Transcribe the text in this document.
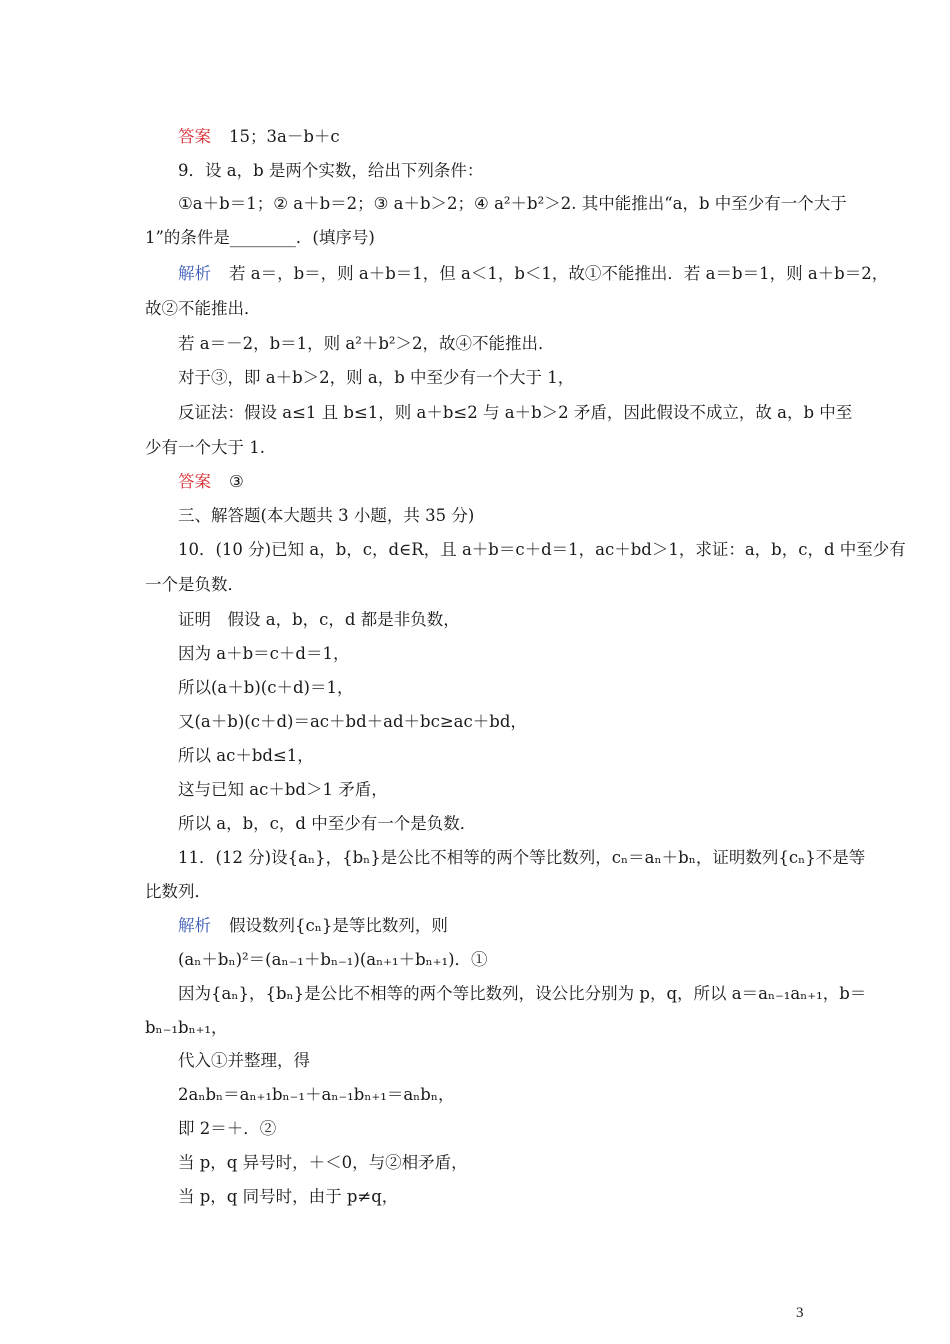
答案 15；3a－b＋c
9．设 a，b 是两个实数，给出下列条件：
①a＋b＝1；② a＋b＝2；③ a＋b＞2；④ a²＋b²＞2. 其中能推出“a，b 中至少有一个大于
1”的条件是________．(填序号)
解析 若 a＝，b＝，则 a＋b＝1，但 a＜1，b＜1，故①不能推出．若 a＝b＝1，则 a＋b＝2，
故②不能推出．
若 a＝－2，b＝1，则 a²＋b²＞2，故④不能推出．
对于③，即 a＋b＞2，则 a，b 中至少有一个大于 1，
反证法：假设 a≤1 且 b≤1，则 a＋b≤2 与 a＋b＞2 矛盾，因此假设不成立，故 a，b 中至
少有一个大于 1.
答案 ③
三、解答题(本大题共 3 小题，共 35 分)
10．(10 分)已知 a，b，c，d∈R，且 a＋b＝c＋d＝1，ac＋bd＞1，求证：a，b，c，d 中至少有
一个是负数．
证明　假设 a，b，c，d 都是非负数，
因为 a＋b＝c＋d＝1，
所以(a＋b)(c＋d)＝1，
又(a＋b)(c＋d)＝ac＋bd＋ad＋bc≥ac＋bd，
所以 ac＋bd≤1，
这与已知 ac＋bd＞1 矛盾，
所以 a，b，c，d 中至少有一个是负数．
11．(12 分)设{aₙ}，{bₙ}是公比不相等的两个等比数列，cₙ＝aₙ＋bₙ，证明数列{cₙ}不是等
比数列．
解析 假设数列{cₙ}是等比数列，则
(aₙ＋bₙ)²＝(aₙ₋₁＋bₙ₋₁)(aₙ₊₁＋bₙ₊₁)．①
因为{aₙ}，{bₙ}是公比不相等的两个等比数列，设公比分别为 p，q，所以 a＝aₙ₋₁aₙ₊₁，b＝
bₙ₋₁bₙ₊₁，
代入①并整理，得
2aₙbₙ＝aₙ₊₁bₙ₋₁＋aₙ₋₁bₙ₊₁＝aₙbₙ，
即 2＝＋．②
当 p，q 异号时，＋＜0，与②相矛盾，
当 p，q 同号时，由于 p≠q，
3
